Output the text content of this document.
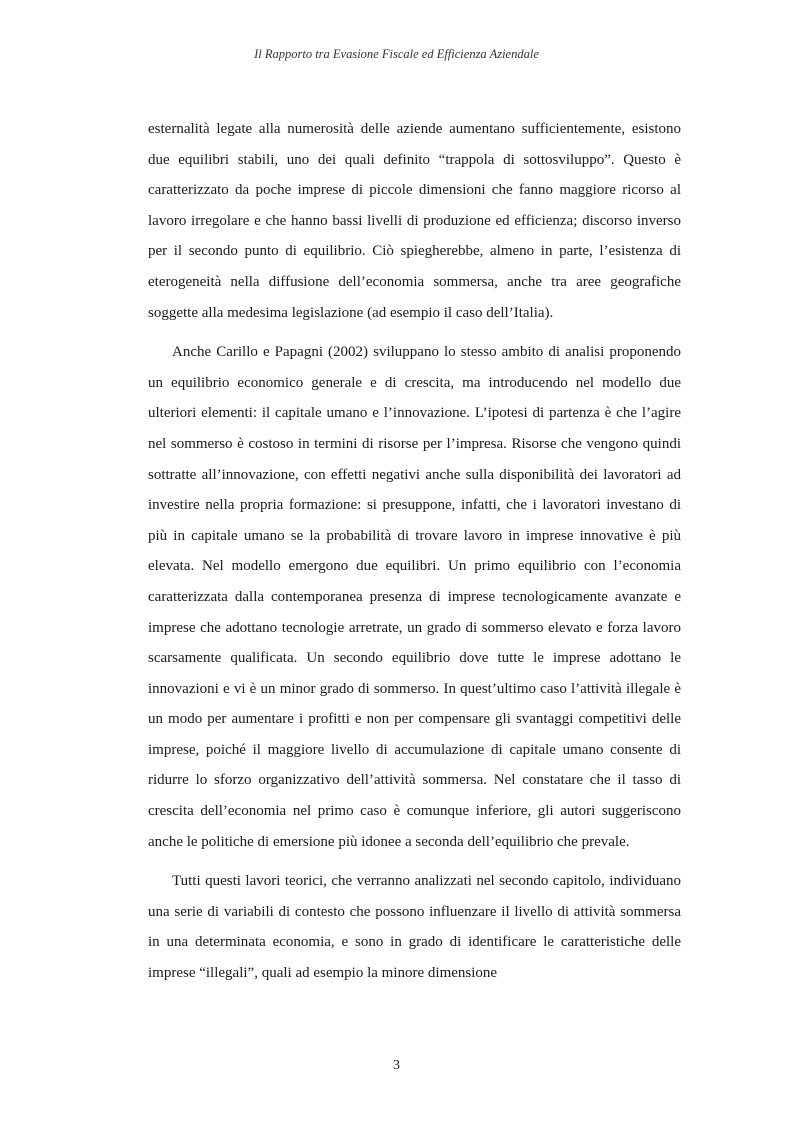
Il Rapporto tra Evasione Fiscale ed Efficienza Aziendale

esternalità legate alla numerosità delle aziende aumentano sufficientemente, esistono due equilibri stabili, uno dei quali definito “trappola di sottosviluppo”. Questo è caratterizzato da poche imprese di piccole dimensioni che fanno maggiore ricorso al lavoro irregolare e che hanno bassi livelli di produzione ed efficienza; discorso inverso per il secondo punto di equilibrio. Ciò spiegherebbe, almeno in parte, l’esistenza di eterogeneità nella diffusione dell’economia sommersa, anche tra aree geografiche soggette alla medesima legislazione (ad esempio il caso dell’Italia).

Anche Carillo e Papagni (2002) sviluppano lo stesso ambito di analisi proponendo un equilibrio economico generale e di crescita, ma introducendo nel modello due ulteriori elementi: il capitale umano e l’innovazione. L’ipotesi di partenza è che l’agire nel sommerso è costoso in termini di risorse per l’impresa. Risorse che vengono quindi sottratte all’innovazione, con effetti negativi anche sulla disponibilità dei lavoratori ad investire nella propria formazione: si presuppone, infatti, che i lavoratori investano di più in capitale umano se la probabilità di trovare lavoro in imprese innovative è più elevata. Nel modello emergono due equilibri. Un primo equilibrio con l’economia caratterizzata dalla contemporanea presenza di imprese tecnologicamente avanzate e imprese che adottano tecnologie arretrate, un grado di sommerso elevato e forza lavoro scarsamente qualificata. Un secondo equilibrio dove tutte le imprese adottano le innovazioni e vi è un minor grado di sommerso. In quest’ultimo caso l’attività illegale è un modo per aumentare i profitti e non per compensare gli svantaggi competitivi delle imprese, poiché il maggiore livello di accumulazione di capitale umano consente di ridurre lo sforzo organizzativo dell’attività sommersa. Nel constatare che il tasso di crescita dell’economia nel primo caso è comunque inferiore, gli autori suggeriscono anche le politiche di emersione più idonee a seconda dell’equilibrio che prevale.

Tutti questi lavori teorici, che verranno analizzati nel secondo capitolo, individuano una serie di variabili di contesto che possono influenzare il livello di attività sommersa in una determinata economia, e sono in grado di identificare le caratteristiche delle imprese “illegali”, quali ad esempio la minore dimensione

3
